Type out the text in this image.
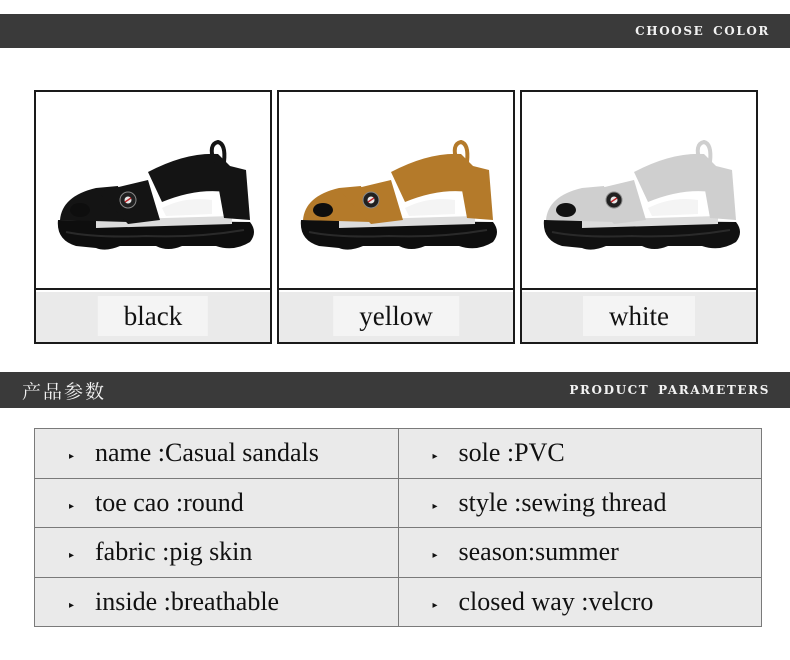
CHOOSE COLOR
black	yellow	white
产品参数	PRODUCT PARAMETERS
▸ name :Casual sandals	▸ sole :PVC

▸ toe cao :round	▸ style :sewing thread

▸ fabric :pig skin	▸ season:summer

▸ inside :breathable	▸ closed way :velcro
